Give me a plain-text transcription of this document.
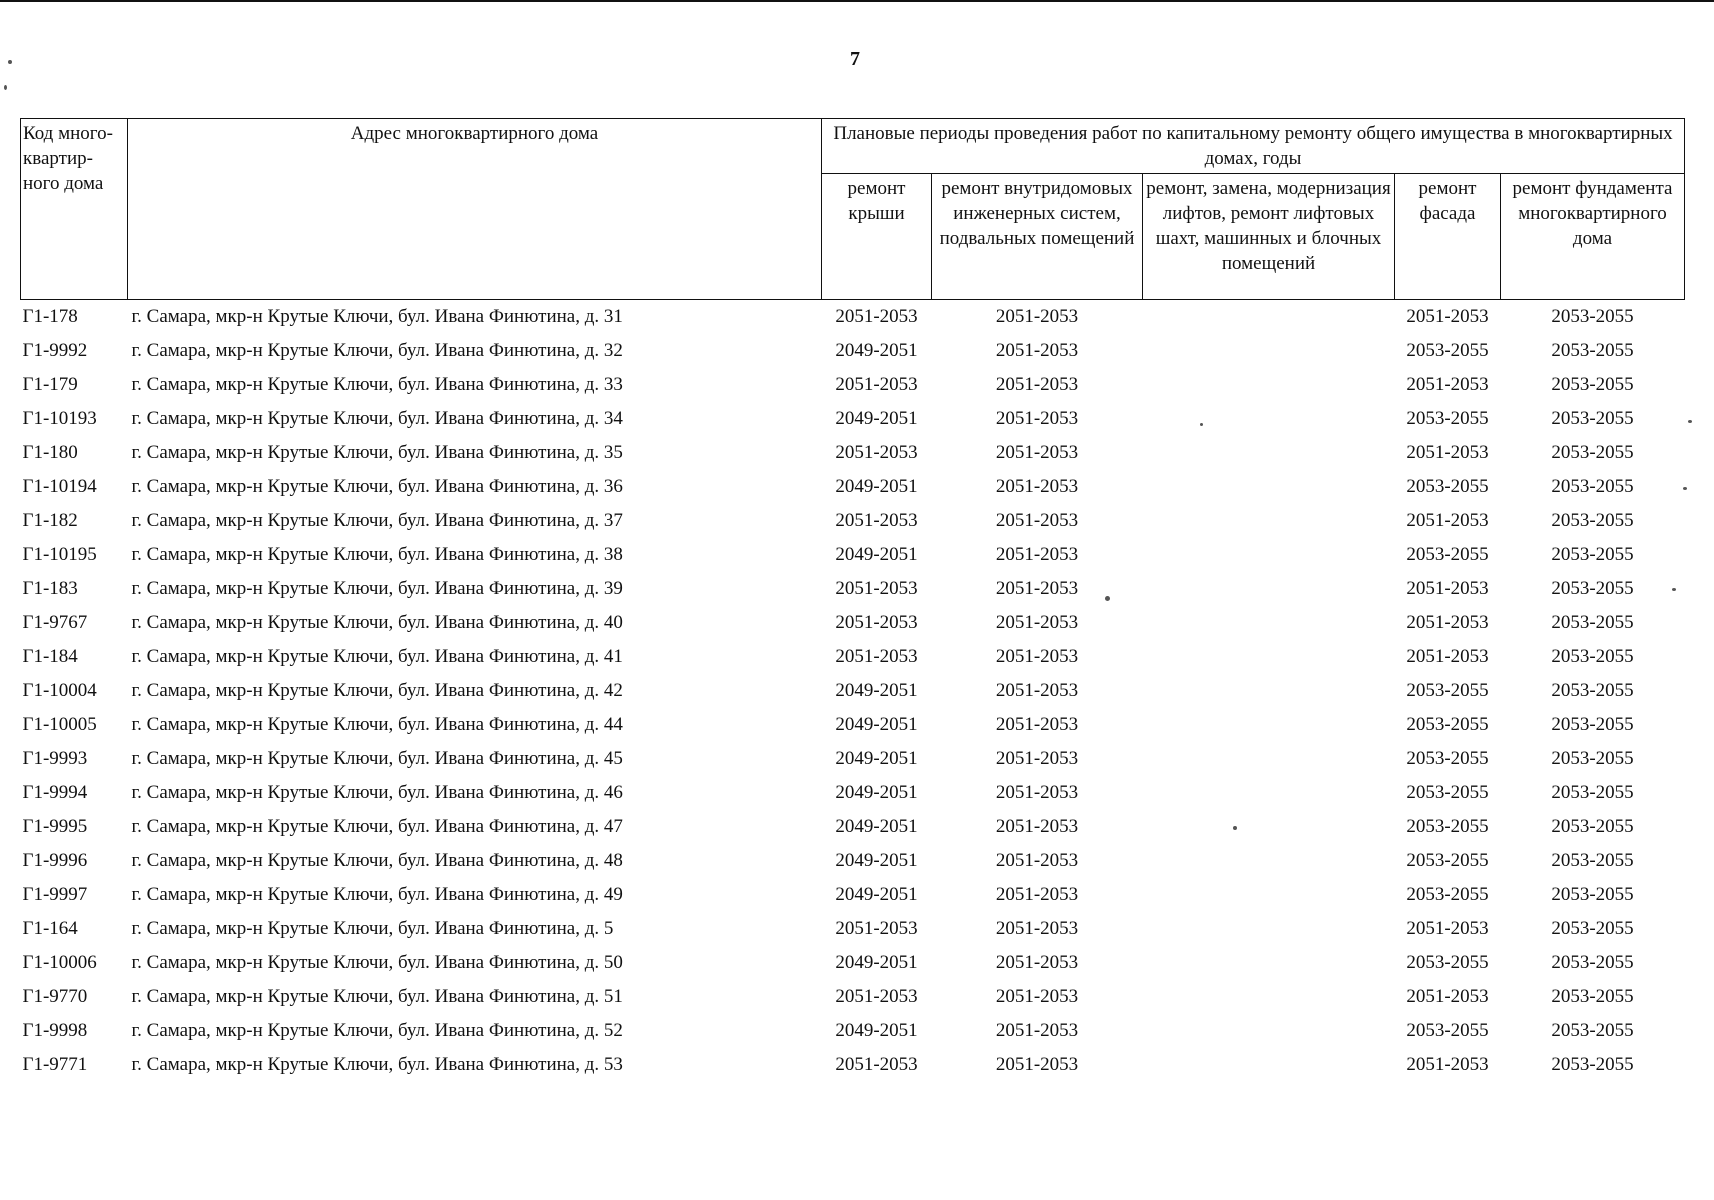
7
Код много-квартир-ного дома	Адрес многоквартирного дома	Плановые периоды проведения работ по капитальному ремонту общего имущества в многоквартирных домах, годы				
		ремонт крыши	ремонт внутридомовых инженерных систем, подвальных помещений	ремонт, замена, модернизация лифтов, ремонт лифтовых шахт, машинных и блочных помещений	ремонт фасада	ремонт фундамента многоквартирного дома
Г1-178	г. Самара, мкр-н Крутые Ключи, бул. Ивана Финютина, д. 31	2051-2053	2051-2053		2051-2053	2053-2055
Г1-9992	г. Самара, мкр-н Крутые Ключи, бул. Ивана Финютина, д. 32	2049-2051	2051-2053		2053-2055	2053-2055
Г1-179	г. Самара, мкр-н Крутые Ключи, бул. Ивана Финютина, д. 33	2051-2053	2051-2053		2051-2053	2053-2055
Г1-10193	г. Самара, мкр-н Крутые Ключи, бул. Ивана Финютина, д. 34	2049-2051	2051-2053		2053-2055	2053-2055
Г1-180	г. Самара, мкр-н Крутые Ключи, бул. Ивана Финютина, д. 35	2051-2053	2051-2053		2051-2053	2053-2055
Г1-10194	г. Самара, мкр-н Крутые Ключи, бул. Ивана Финютина, д. 36	2049-2051	2051-2053		2053-2055	2053-2055
Г1-182	г. Самара, мкр-н Крутые Ключи, бул. Ивана Финютина, д. 37	2051-2053	2051-2053		2051-2053	2053-2055
Г1-10195	г. Самара, мкр-н Крутые Ключи, бул. Ивана Финютина, д. 38	2049-2051	2051-2053		2053-2055	2053-2055
Г1-183	г. Самара, мкр-н Крутые Ключи, бул. Ивана Финютина, д. 39	2051-2053	2051-2053		2051-2053	2053-2055
Г1-9767	г. Самара, мкр-н Крутые Ключи, бул. Ивана Финютина, д. 40	2051-2053	2051-2053		2051-2053	2053-2055
Г1-184	г. Самара, мкр-н Крутые Ключи, бул. Ивана Финютина, д. 41	2051-2053	2051-2053		2051-2053	2053-2055
Г1-10004	г. Самара, мкр-н Крутые Ключи, бул. Ивана Финютина, д. 42	2049-2051	2051-2053		2053-2055	2053-2055
Г1-10005	г. Самара, мкр-н Крутые Ключи, бул. Ивана Финютина, д. 44	2049-2051	2051-2053		2053-2055	2053-2055
Г1-9993	г. Самара, мкр-н Крутые Ключи, бул. Ивана Финютина, д. 45	2049-2051	2051-2053		2053-2055	2053-2055
Г1-9994	г. Самара, мкр-н Крутые Ключи, бул. Ивана Финютина, д. 46	2049-2051	2051-2053		2053-2055	2053-2055
Г1-9995	г. Самара, мкр-н Крутые Ключи, бул. Ивана Финютина, д. 47	2049-2051	2051-2053		2053-2055	2053-2055
Г1-9996	г. Самара, мкр-н Крутые Ключи, бул. Ивана Финютина, д. 48	2049-2051	2051-2053		2053-2055	2053-2055
Г1-9997	г. Самара, мкр-н Крутые Ключи, бул. Ивана Финютина, д. 49	2049-2051	2051-2053		2053-2055	2053-2055
Г1-164	г. Самара, мкр-н Крутые Ключи, бул. Ивана Финютина, д. 5	2051-2053	2051-2053		2051-2053	2053-2055
Г1-10006	г. Самара, мкр-н Крутые Ключи, бул. Ивана Финютина, д. 50	2049-2051	2051-2053		2053-2055	2053-2055
Г1-9770	г. Самара, мкр-н Крутые Ключи, бул. Ивана Финютина, д. 51	2051-2053	2051-2053		2051-2053	2053-2055
Г1-9998	г. Самара, мкр-н Крутые Ключи, бул. Ивана Финютина, д. 52	2049-2051	2051-2053		2053-2055	2053-2055
Г1-9771	г. Самара, мкр-н Крутые Ключи, бул. Ивана Финютина, д. 53	2051-2053	2051-2053		2051-2053	2053-2055
